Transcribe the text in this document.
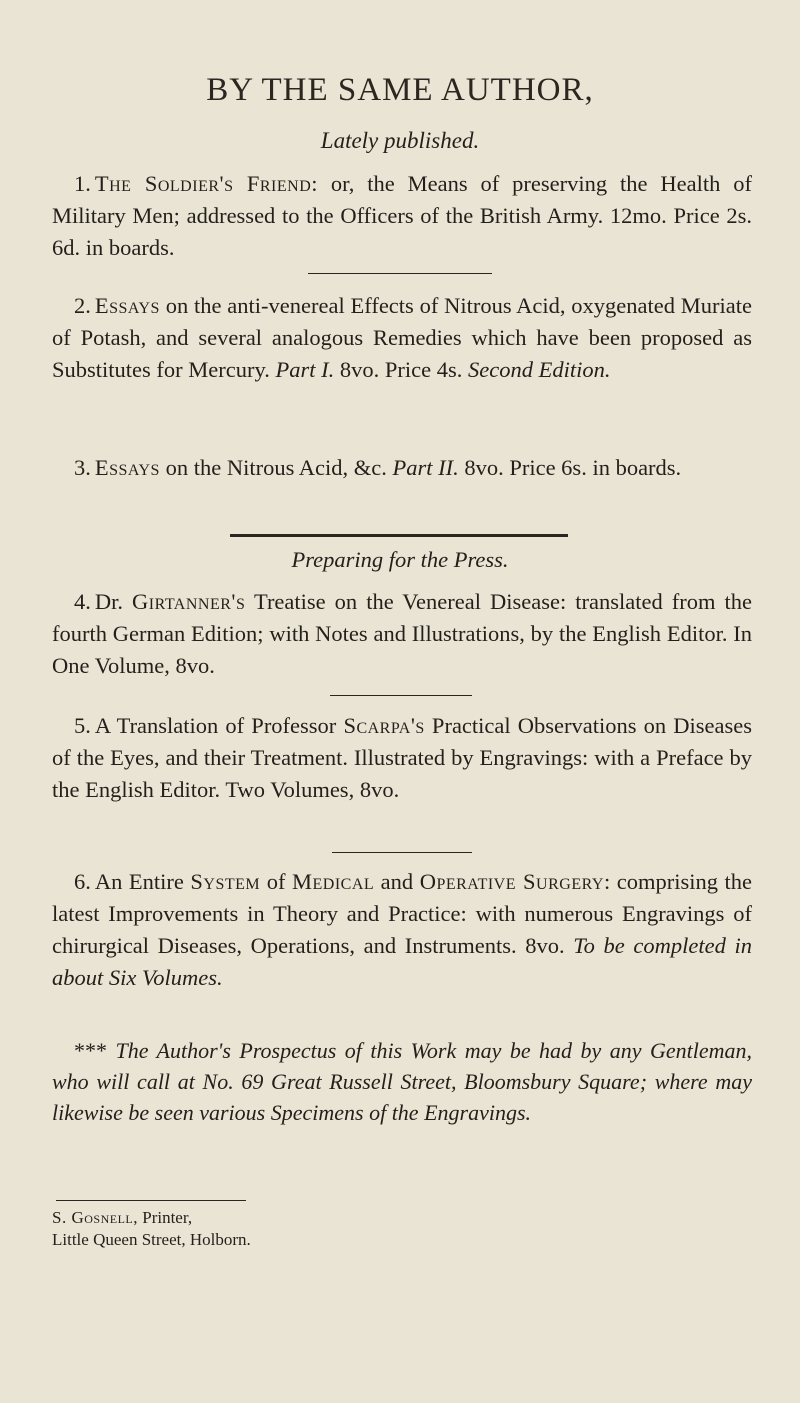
BY THE SAME AUTHOR,
Lately published.

1. The Soldier's Friend: or, the Means of preserving the Health of Military Men; addressed to the Officers of the British Army. 12mo. Price 2s. 6d. in boards.

2. Essays on the anti-venereal Effects of Nitrous Acid, oxygenated Muriate of Potash, and several analogous Remedies which have been proposed as Substitutes for Mercury. Part I. 8vo. Price 4s. Second Edition.

3. Essays on the Nitrous Acid, &c. Part II. 8vo. Price 6s. in boards.

Preparing for the Press.

4. Dr. Girtanner's Treatise on the Venereal Disease: translated from the fourth German Edition; with Notes and Illustrations, by the English Editor. In One Volume, 8vo.

5. A Translation of Professor Scarpa's Practical Observations on Diseases of the Eyes, and their Treatment. Illustrated by Engravings: with a Preface by the English Editor. Two Volumes, 8vo.

6. An Entire System of Medical and Operative Surgery: comprising the latest Improvements in Theory and Practice: with numerous Engravings of chirurgical Diseases, Operations, and Instruments. 8vo. To be completed in about Six Volumes.

*** The Author's Prospectus of this Work may be had by any Gentleman, who will call at No. 69 Great Russell Street, Bloomsbury Square; where may likewise be seen various Specimens of the Engravings.

S. Gosnell, Printer,
Little Queen Street, Holborn.
